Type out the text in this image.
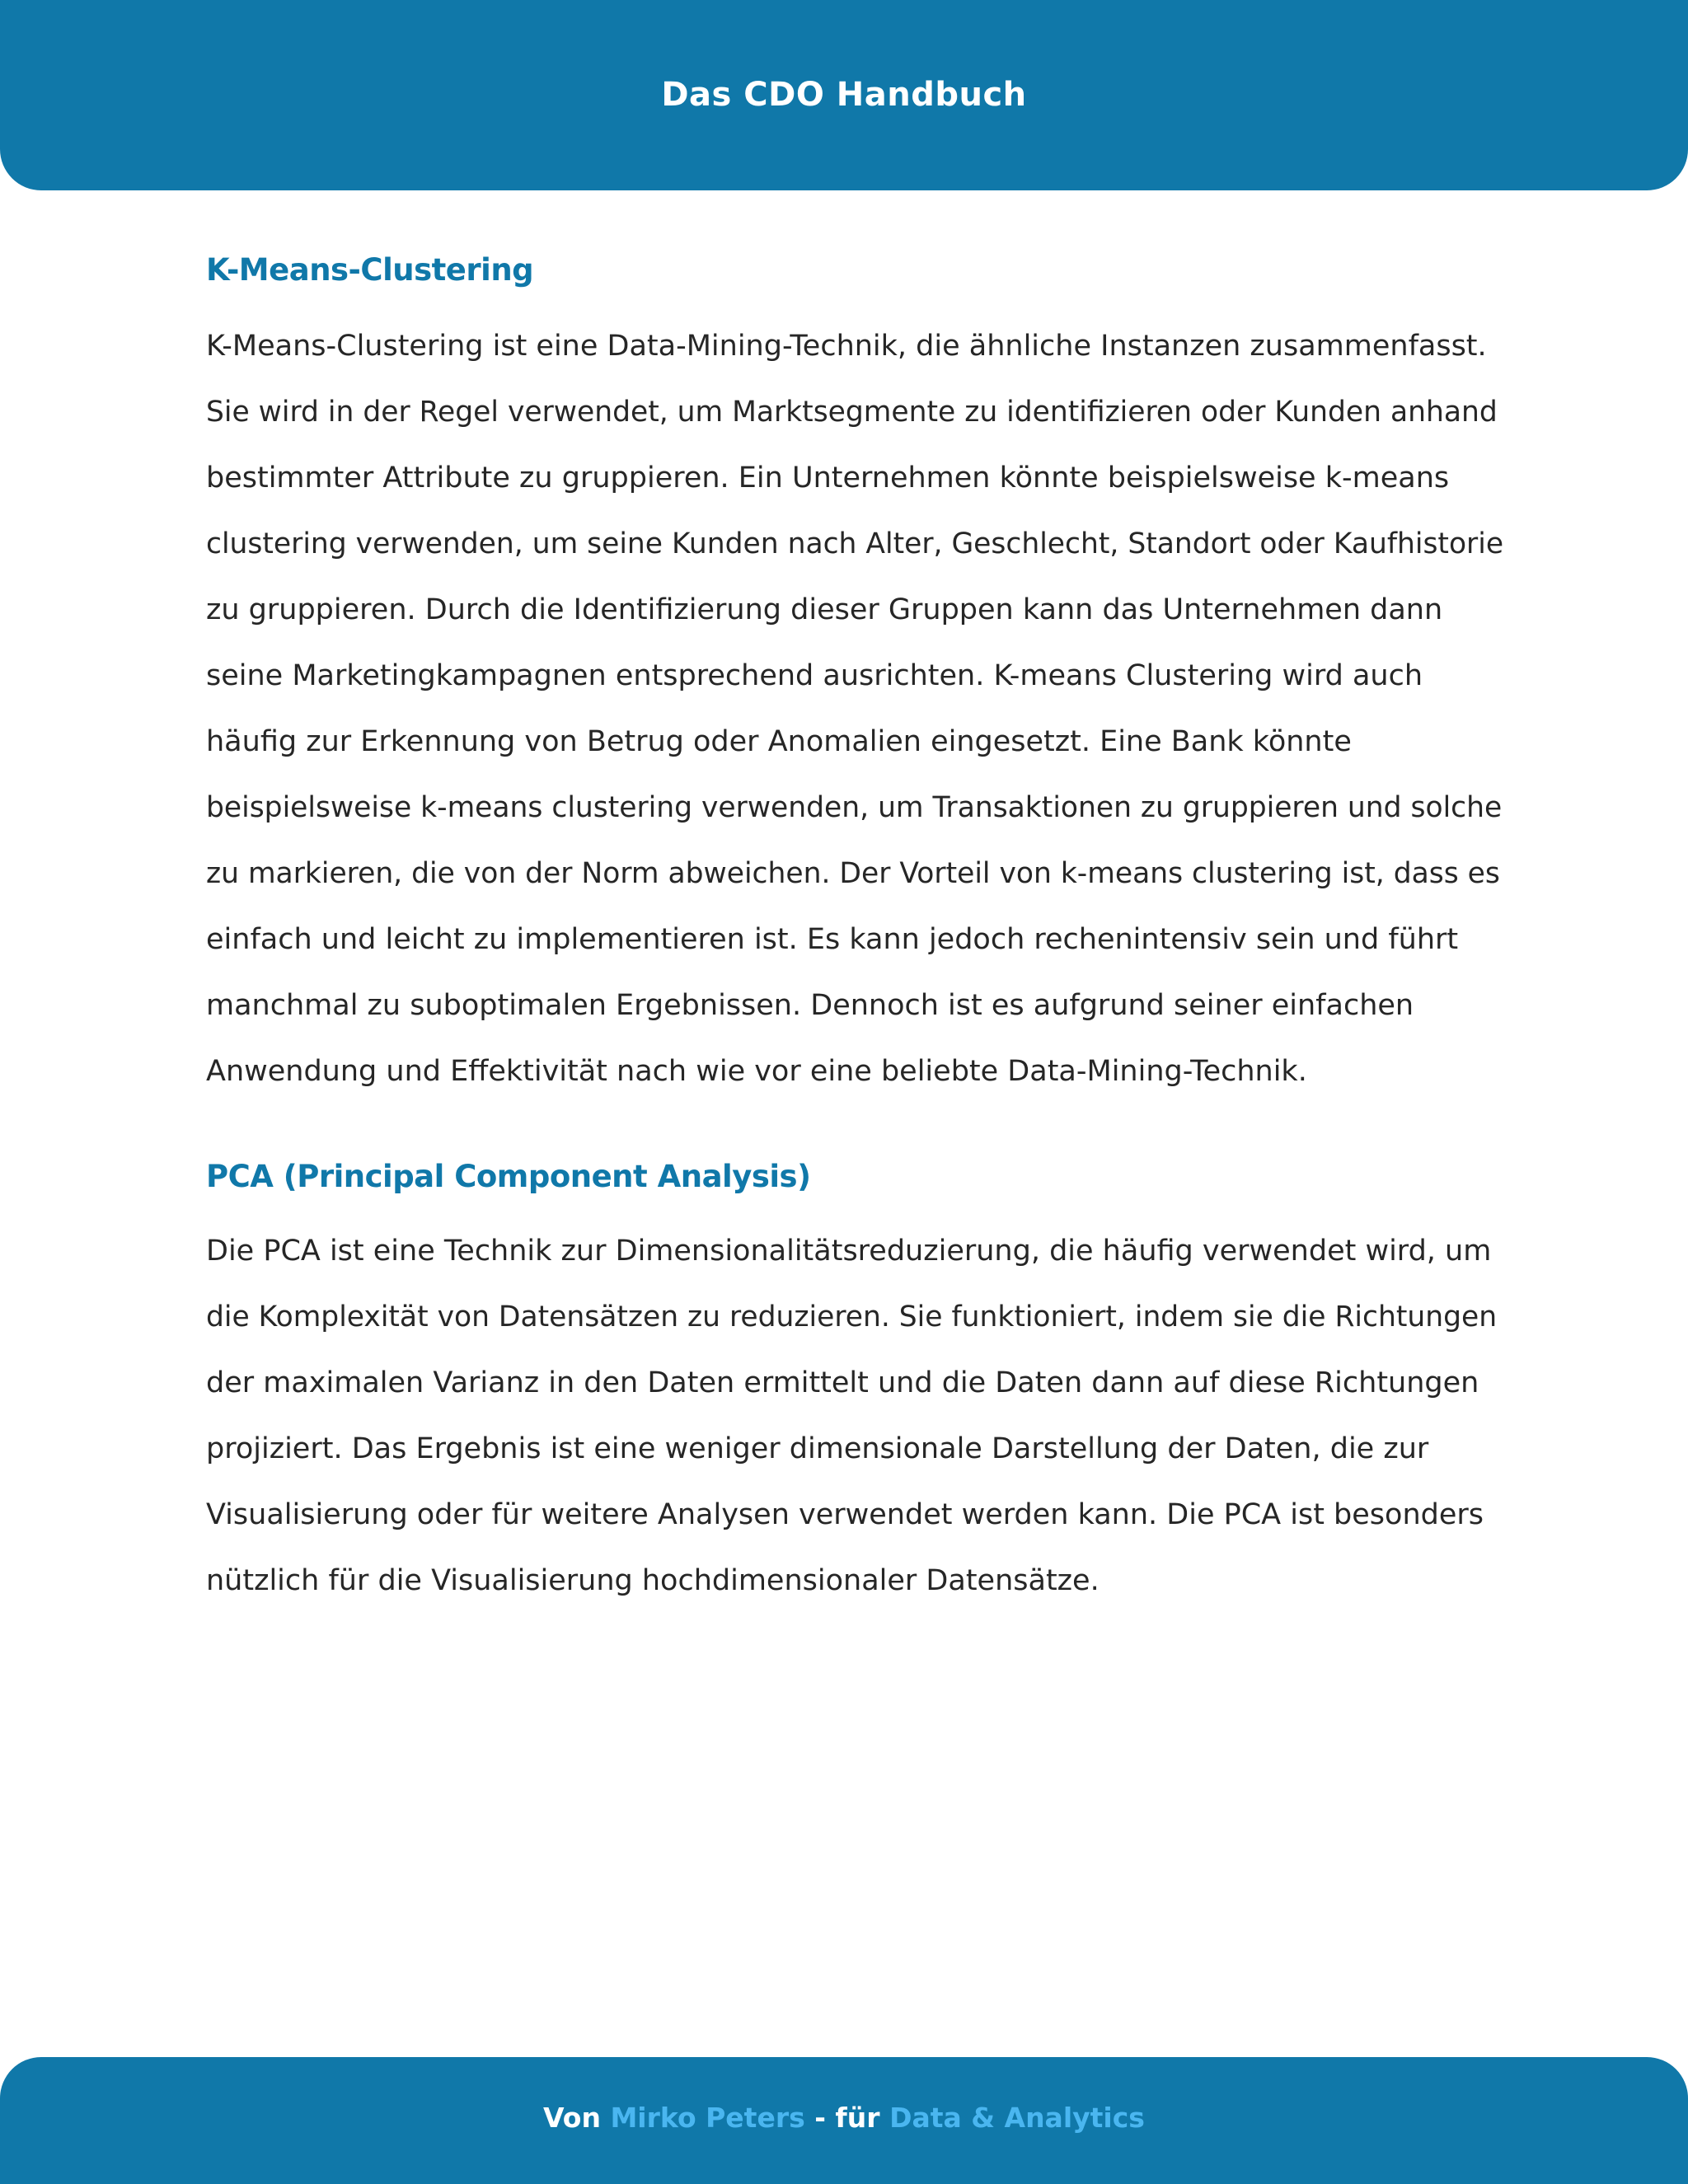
Das CDO Handbuch
K-Means-Clustering
K-Means-Clustering ist eine Data-Mining-Technik, die ähnliche Instanzen zusammenfasst.
Sie wird in der Regel verwendet, um Marktsegmente zu identifizieren oder Kunden anhand
bestimmter Attribute zu gruppieren. Ein Unternehmen könnte beispielsweise k-means
clustering verwenden, um seine Kunden nach Alter, Geschlecht, Standort oder Kaufhistorie
zu gruppieren. Durch die Identifizierung dieser Gruppen kann das Unternehmen dann
seine Marketingkampagnen entsprechend ausrichten. K-means Clustering wird auch
häufig zur Erkennung von Betrug oder Anomalien eingesetzt. Eine Bank könnte
beispielsweise k-means clustering verwenden, um Transaktionen zu gruppieren und solche
zu markieren, die von der Norm abweichen. Der Vorteil von k-means clustering ist, dass es
einfach und leicht zu implementieren ist. Es kann jedoch rechenintensiv sein und führt
manchmal zu suboptimalen Ergebnissen. Dennoch ist es aufgrund seiner einfachen
Anwendung und Effektivität nach wie vor eine beliebte Data-Mining-Technik.
PCA (Principal Component Analysis)
Die PCA ist eine Technik zur Dimensionalitätsreduzierung, die häufig verwendet wird, um
die Komplexität von Datensätzen zu reduzieren. Sie funktioniert, indem sie die Richtungen
der maximalen Varianz in den Daten ermittelt und die Daten dann auf diese Richtungen
projiziert. Das Ergebnis ist eine weniger dimensionale Darstellung der Daten, die zur
Visualisierung oder für weitere Analysen verwendet werden kann. Die PCA ist besonders
nützlich für die Visualisierung hochdimensionaler Datensätze.
Von Mirko Peters - für Data & Analytics
